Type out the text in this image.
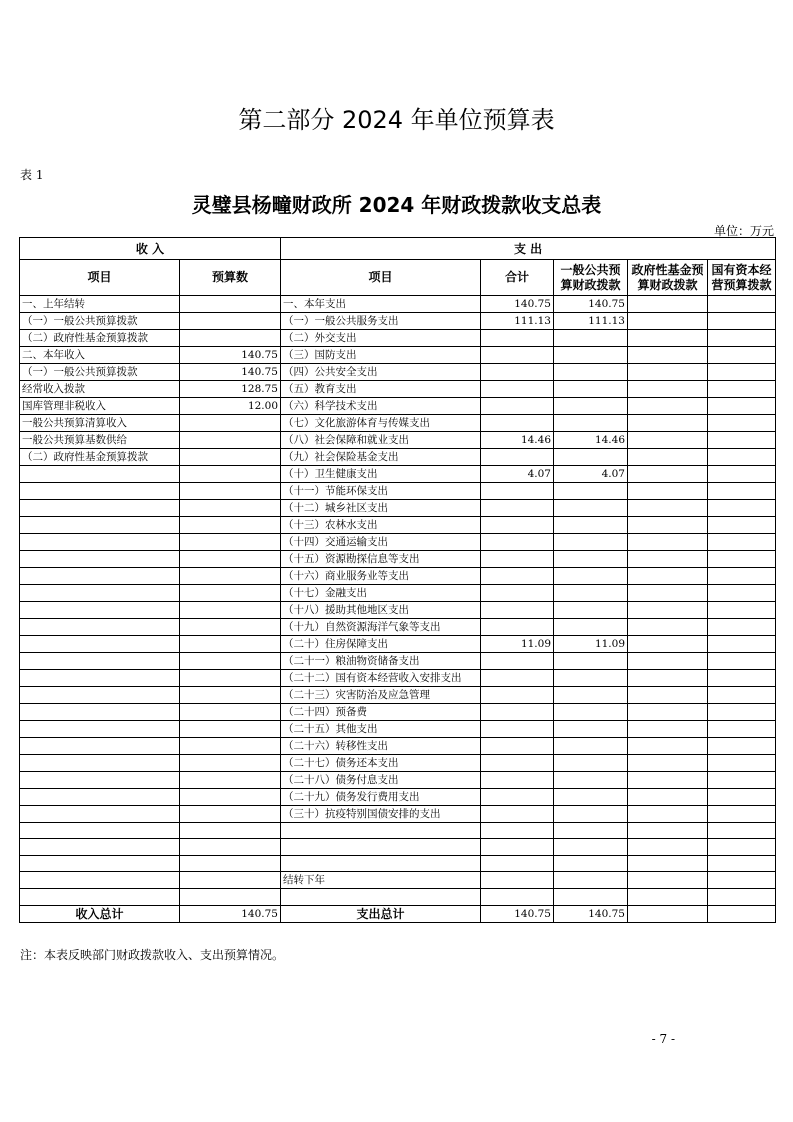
第二部分 2024 年单位预算表
表 1
灵璧县杨疃财政所 2024 年财政拨款收支总表
单位：万元
收 入		支 出				
项目	预算数	项目	合计	一般公共预算财政拨款	政府性基金预算财政拨款	国有资本经营预算拨款
一、上年结转		一、本年支出	140.75	140.75		
（一）一般公共预算拨款		（一）一般公共服务支出	111.13	111.13		
（二）政府性基金预算拨款		（二）外交支出				
二、本年收入	140.75	（三）国防支出				
（一）一般公共预算拨款	140.75	（四）公共安全支出				
经常收入拨款	128.75	（五）教育支出				
国库管理非税收入	12.00	（六）科学技术支出				
一般公共预算清算收入		（七）文化旅游体育与传媒支出				
一般公共预算基数供给		（八）社会保障和就业支出	14.46	14.46		
（二）政府性基金预算拨款		（九）社会保险基金支出				
		（十）卫生健康支出	4.07	4.07		
		（十一）节能环保支出				
		（十二）城乡社区支出				
		（十三）农林水支出				
		（十四）交通运输支出				
		（十五）资源勘探信息等支出				
		（十六）商业服务业等支出				
		（十七）金融支出				
		（十八）援助其他地区支出				
		（十九）自然资源海洋气象等支出				
		（二十）住房保障支出	11.09	11.09		
		（二十一）粮油物资储备支出				
		（二十二）国有资本经营收入安排支出				
		（二十三）灾害防治及应急管理				
		（二十四）预备费				
		（二十五）其他支出				
		（二十六）转移性支出				
		（二十七）债务还本支出				
		（二十八）债务付息支出				
		（二十九）债务发行费用支出				
		（三十）抗疫特别国债安排的支出				

		结转下年				

收入总计	140.75	支出总计	140.75	140.75		
注：本表反映部门财政拨款收入、支出预算情况。
- 7 -
